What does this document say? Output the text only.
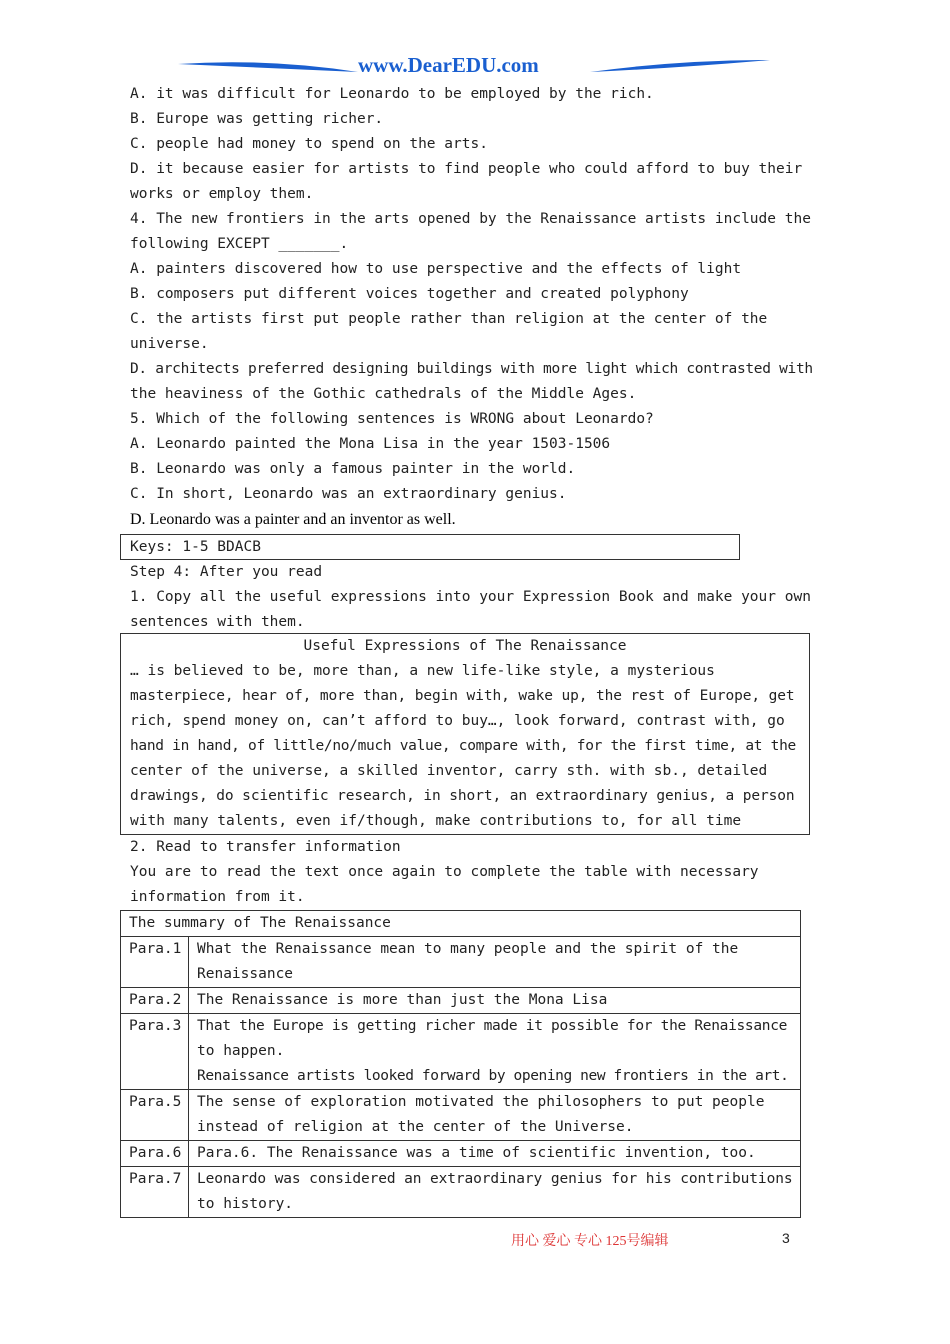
www.DearEDU.com
A. it was difficult for Leonardo to be employed by the rich.
B. Europe was getting richer.
C. people had money to spend on the arts.
D. it because easier for artists to find people who could afford to buy their
works or employ them.
4. The new frontiers in the arts opened by the Renaissance artists include the
following EXCEPT _______.
A. painters discovered how to use perspective and the effects of light
B. composers put different voices together and created polyphony
C. the artists first put people rather than religion at the center of the
universe.
D. architects preferred designing buildings with more light which contrasted with
the heaviness of the Gothic cathedrals of the Middle Ages.
5. Which of the following sentences is WRONG about Leonardo?
A. Leonardo painted the Mona Lisa in the year 1503-1506
B. Leonardo was only a famous painter in the world.
C. In short, Leonardo was an extraordinary genius.
D. Leonardo was a painter and an inventor as well.
Keys: 1-5 BDACB
Step 4: After you read
1. Copy all the useful expressions into your Expression Book and make your own
sentences with them.
Useful Expressions of The Renaissance
… is believed to be, more than, a new life-like style, a mysterious
masterpiece, hear of, more than, begin with, wake up, the rest of Europe, get
rich, spend money on, can’t afford to buy…, look forward, contrast with, go
hand in hand, of little/no/much value, compare with, for the first time, at the
center of the universe, a skilled inventor, carry sth. with sb., detailed
drawings, do scientific research, in short, an extraordinary genius, a person
with many talents, even if/though, make contributions to, for all time
2. Read to transfer information
You are to read the text once again to complete the table with necessary
information from it.
The summary of The Renaissance	
Para.1	What the Renaissance mean to many people and the spirit of the
Renaissance

Para.2	The Renaissance is more than just the Mona Lisa

Para.3	That the Europe is getting richer made it possible for the Renaissance
to happen.
Renaissance artists looked forward by opening new frontiers in the art.

Para.5	The sense of exploration motivated the philosophers to put people
instead of religion at the center of the Universe.

Para.6	Para.6. The Renaissance was a time of scientific invention, too.

Para.7	Leonardo was considered an extraordinary genius for his contributions
to history.
用心 爱心 专心 125号编辑	3
